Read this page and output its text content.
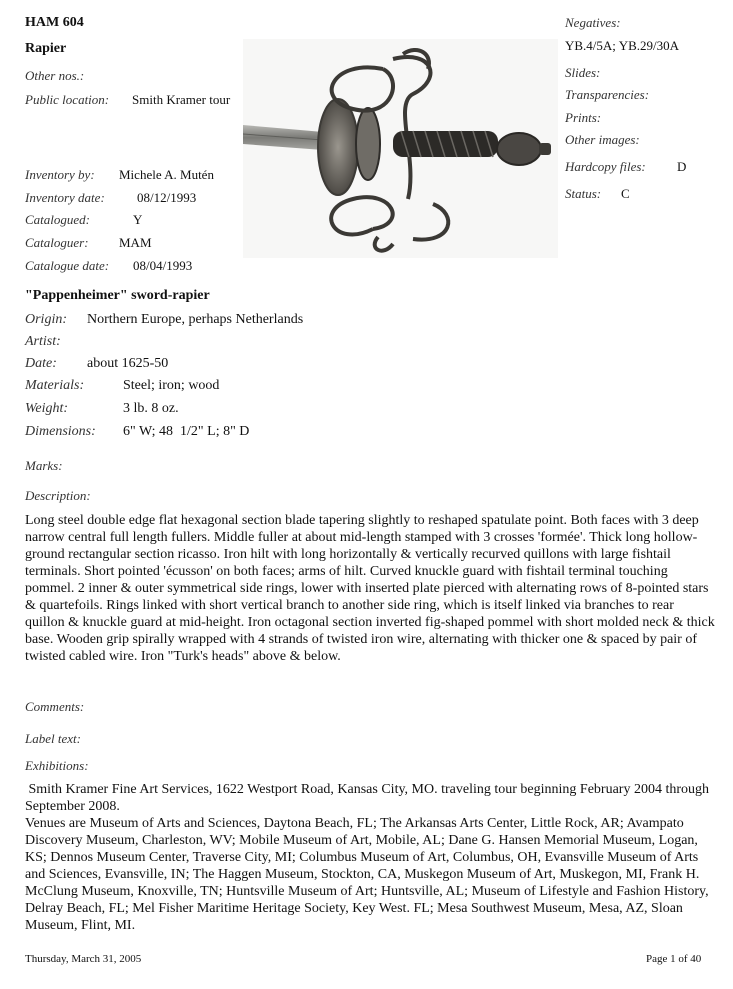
HAM 604
Rapier
Other nos.:
Public location: Smith Kramer tour
Inventory by: Michele A. Mutén
Inventory date: 08/12/1993
Catalogued:	Y
Cataloguer: MAM
Catalogue date: 08/04/1993
Negatives:
YB.4/5A; YB.29/30A
Slides:
Transparencies:
Prints:
Other images:
Hardcopy files: D
Status: C
"Pappenheimer" sword-rapier
Origin: Northern Europe, perhaps Netherlands
Artist:
Date: about 1625-50
Materials:	Steel; iron; wood
Weight:	3 lb. 8 oz.
Dimensions: 6" W; 48  1/2" L; 8" D
Marks:
Description:
Long steel double edge flat hexagonal section blade tapering slightly to reshaped spatulate point. Both faces with 3 deep narrow central full length fullers. Middle fuller at about mid-length stamped with 3 crosses 'formée'. Thick long hollow-ground rectangular section ricasso. Iron hilt with long horizontally & vertically recurved quillons with large fishtail terminals. Short pointed 'écusson' on both faces; arms of hilt. Curved knuckle guard with fishtail terminal touching pommel. 2 inner & outer symmetrical side rings, lower with inserted plate pierced with alternating rows of 8-pointed stars & quartefoils. Rings linked with short vertical branch to another side ring, which is itself linked via branches to rear quillon & knuckle guard at mid-height. Iron octagonal section inverted fig-shaped pommel with short molded neck & thick base. Wooden grip spirally wrapped with 4 strands of twisted iron wire, alternating with thicker one & spaced by pair of twisted cabled wire. Iron "Turk's heads" above & below.
Comments:
Label text:
Exhibitions:
Smith Kramer Fine Art Services, 1622 Westport Road, Kansas City, MO. traveling tour beginning February 2004 through September 2008.
Venues are Museum of Arts and Sciences, Daytona Beach, FL; The Arkansas Arts Center, Little Rock, AR; Avampato Discovery Museum, Charleston, WV; Mobile Museum of Art, Mobile, AL; Dane G. Hansen Memorial Museum, Logan, KS; Dennos Museum Center, Traverse City, MI; Columbus Museum of Art, Columbus, OH, Evansville Museum of Arts and Sciences, Evansville, IN; The Haggen Museum, Stockton, CA, Muskegon Museum of Art, Muskegon, MI, Frank H. McClung Museum, Knoxville, TN; Huntsville Museum of Art; Huntsville, AL; Museum of Lifestyle and Fashion History, Delray Beach, FL; Mel Fisher Maritime Heritage Society, Key West. FL; Mesa Southwest Museum, Mesa, AZ, Sloan Museum, Flint, MI.
Thursday, March 31, 2005	Page 1 of 40
